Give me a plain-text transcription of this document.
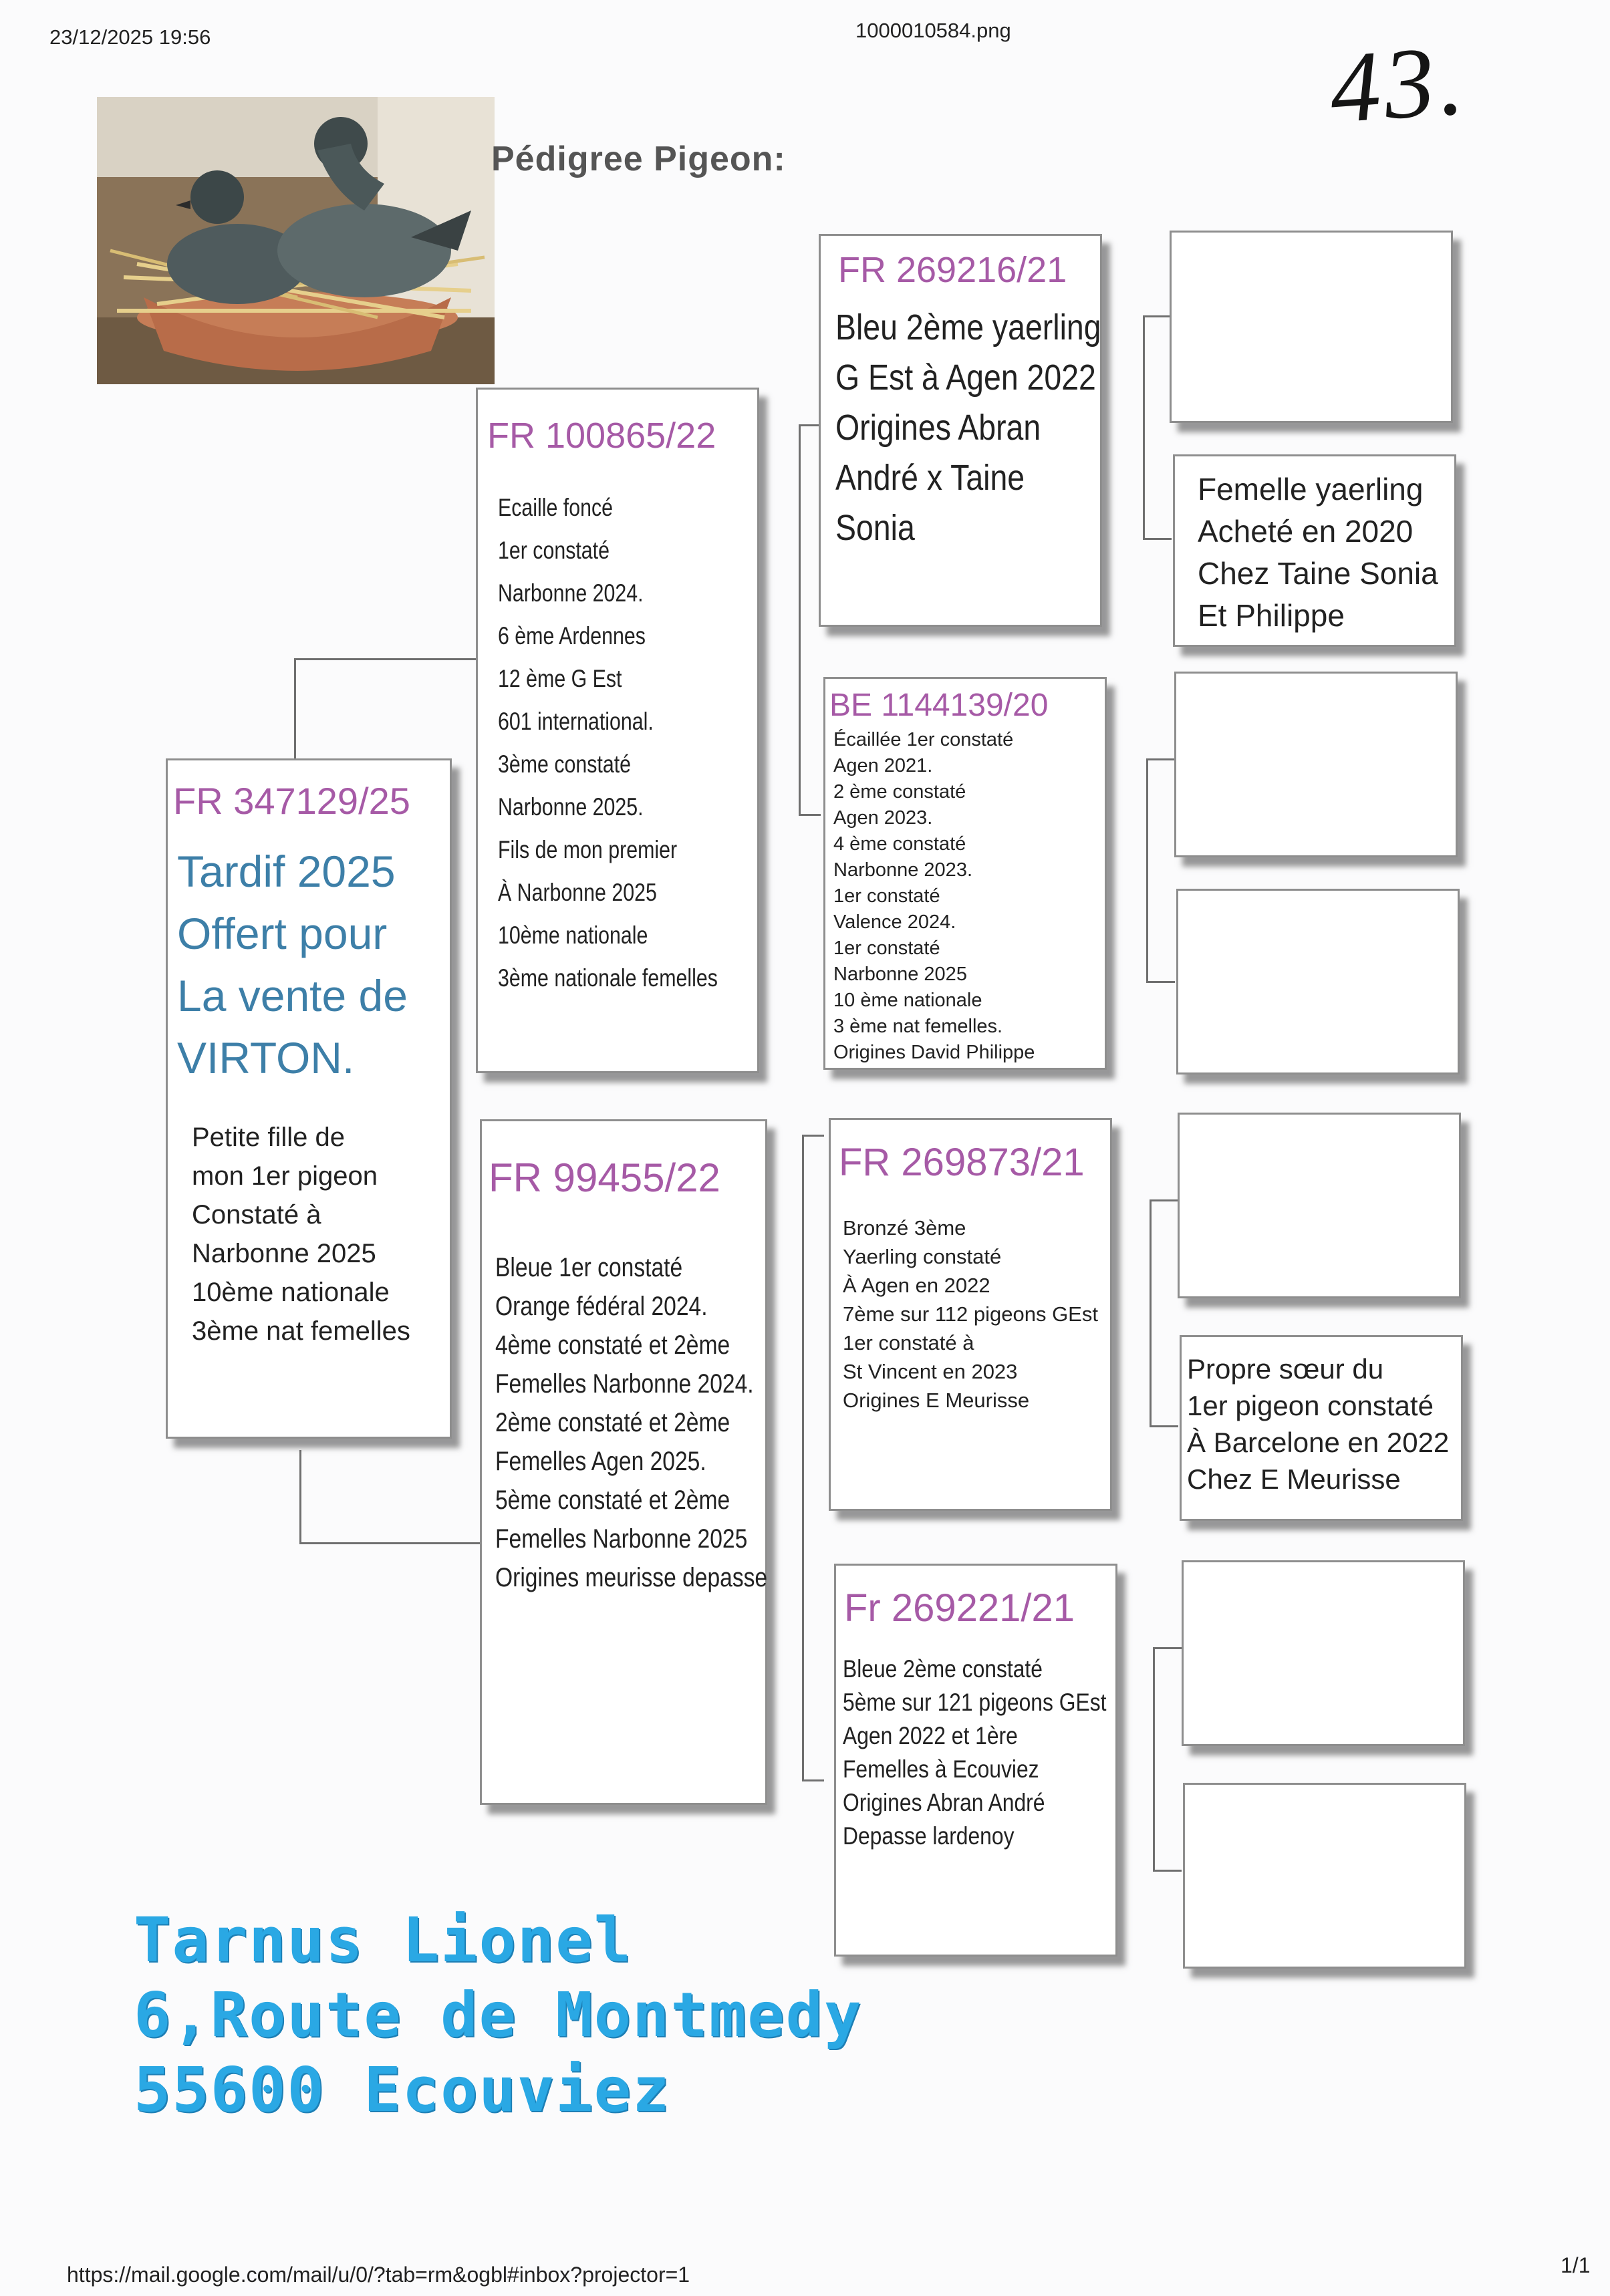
23/12/2025 19:56	1000010584.png	43.
Pédigree Pigeon:
FR 347129/25
Tardif 2025
Offert pour
La vente de
VIRTON.
Petite fille de
mon 1er pigeon
Constaté à
Narbonne 2025
10ème nationale
3ème nat femelles
FR 100865/22
Ecaille foncé
1er constaté
Narbonne 2024.
6 ème Ardennes
12 ème G Est
601 international.
3ème constaté
Narbonne 2025.
Fils de mon premier
À Narbonne 2025
10ème nationale
3ème nationale femelles
FR 99455/22
Bleue 1er constaté
Orange fédéral 2024.
4ème constaté et 2ème
Femelles Narbonne 2024.
2ème constaté et 2ème
Femelles Agen 2025.
5ème constaté et 2ème
Femelles Narbonne 2025
Origines meurisse depasse
FR 269216/21
Bleu 2ème yaerling
G Est à Agen 2022
Origines Abran
André x Taine
Sonia
BE 1144139/20
Écaillée 1er constaté
Agen 2021.
2 ème constaté
Agen 2023.
4 ème constaté
Narbonne 2023.
1er constaté
Valence 2024.
1er constaté
Narbonne 2025
10 ème nationale
3 ème nat femelles.
Origines David Philippe
FR 269873/21
Bronzé 3ème
Yaerling constaté
À Agen en 2022
7ème sur 112 pigeons GEst
1er constaté à
St Vincent en 2023
Origines E Meurisse
Fr 269221/21
Bleue 2ème constaté
5ème sur 121 pigeons GEst
Agen 2022 et 1ère
Femelles à Ecouviez
Origines Abran André
Depasse lardenoy
Femelle yaerling
Acheté en 2020
Chez Taine Sonia
Et Philippe
Propre sœur du
1er pigeon constaté
À Barcelone en 2022
Chez E Meurisse
Tarnus Lionel
6,Route de Montmedy
55600 Ecouviez
https://mail.google.com/mail/u/0/?tab=rm&ogbl#inbox?projector=1	1/1
